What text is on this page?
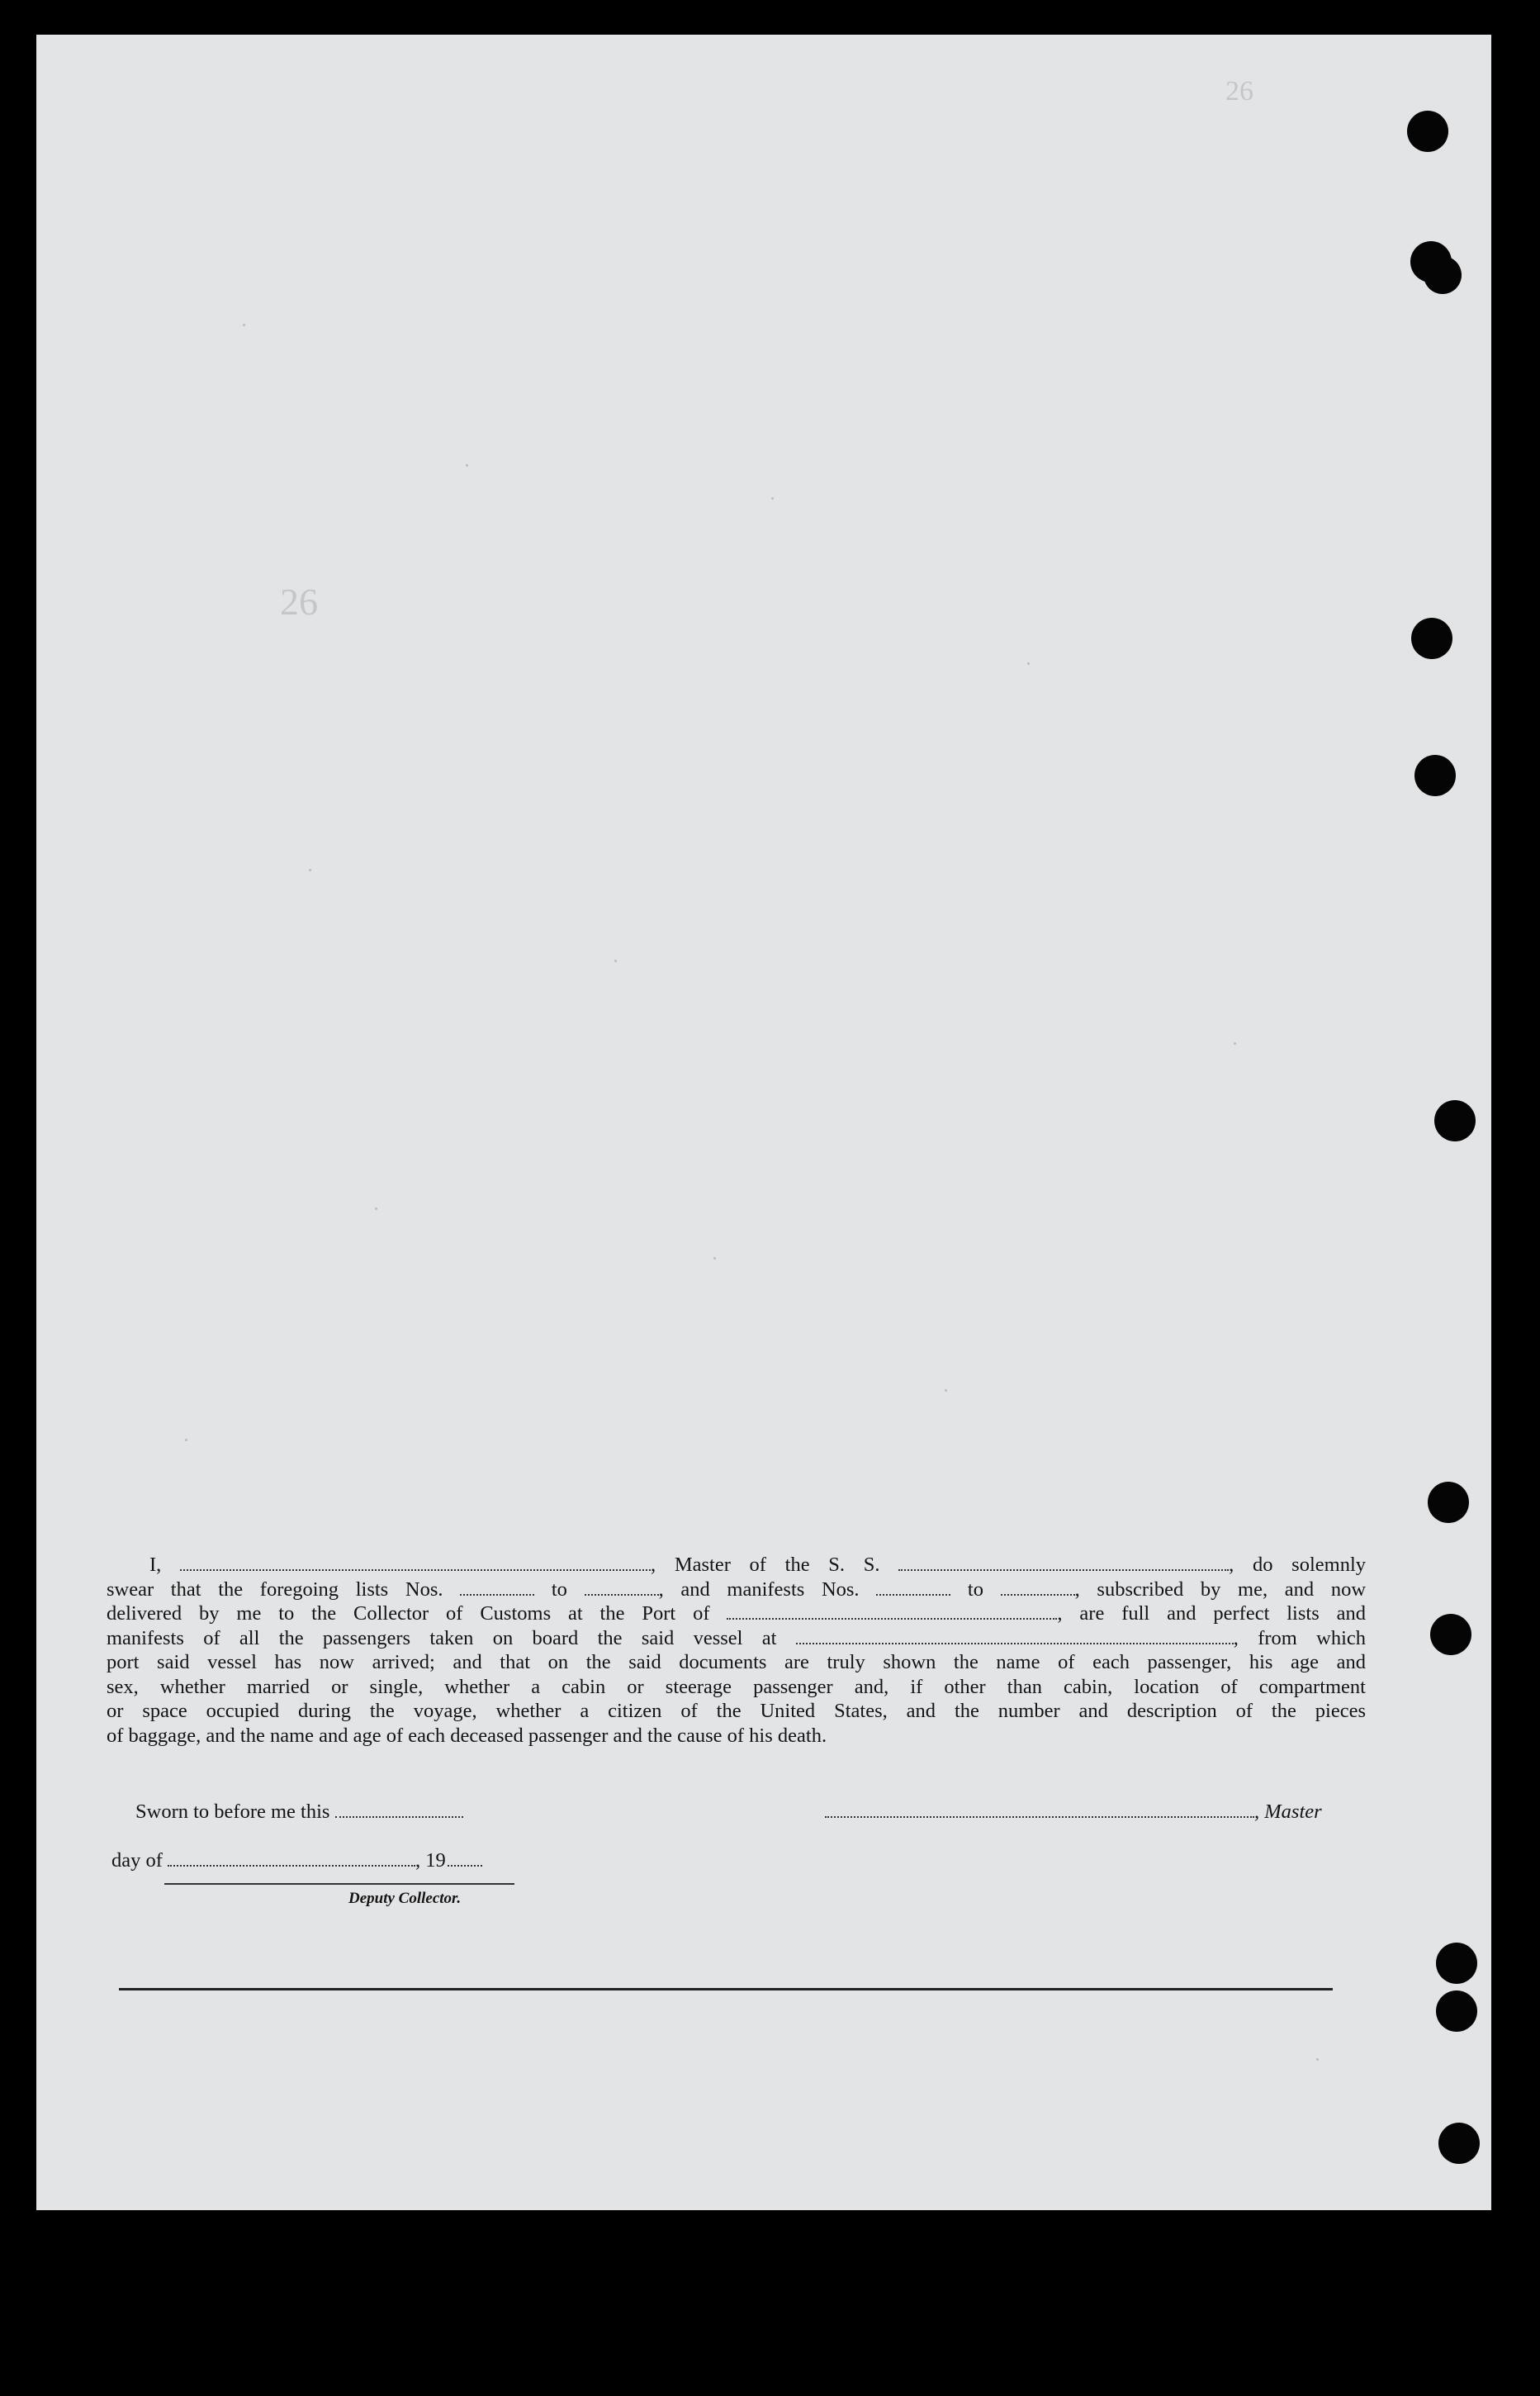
26
26
I,	, Master of the S. S.	, do solemnly
swear that the foregoing lists Nos.	to	, and manifests Nos.	to	, subscribed by me, and now
delivered by me to the Collector of Customs at the Port of	, are full and perfect lists and
manifests of all the passengers taken on board the said vessel at	, from which
port said vessel has now arrived; and that on the said documents are truly shown the name of each passenger, his age and
sex, whether married or single, whether a cabin or steerage passenger and, if other than cabin, location of compartment
or space occupied during the voyage, whether a citizen of the United States, and the number and description of the pieces
of baggage, and the name and age of each deceased passenger and the cause of his death.
Sworn to before me this	, Master
day of	, 19
Deputy Collector.
